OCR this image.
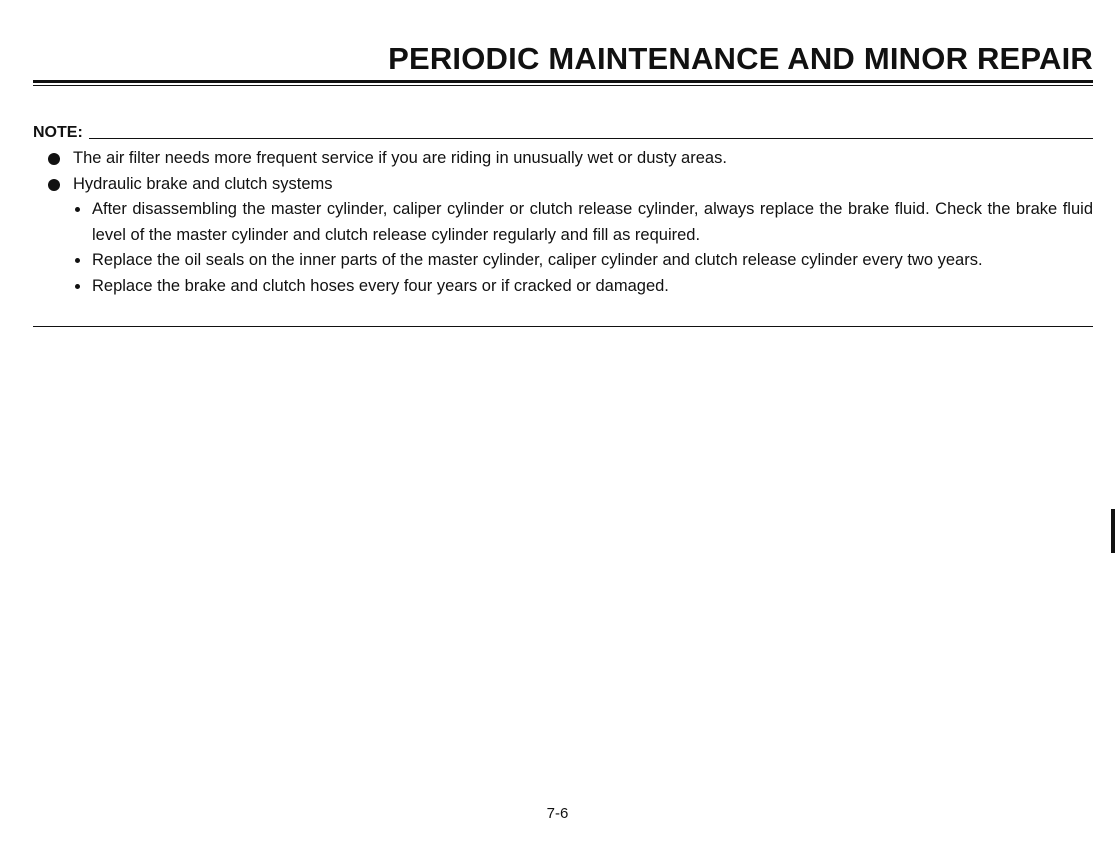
PERIODIC MAINTENANCE AND MINOR REPAIR
NOTE:
The air filter needs more frequent service if you are riding in unusually wet or dusty areas.
Hydraulic brake and clutch systems
After disassembling the master cylinder, caliper cylinder or clutch release cylinder, always replace the brake fluid. Check the brake fluid level of the master cylinder and clutch release cylinder regularly and fill as required.
Replace the oil seals on the inner parts of the master cylinder, caliper cylinder and clutch release cylinder every two years.
Replace the brake and clutch hoses every four years or if cracked or damaged.
7-6
